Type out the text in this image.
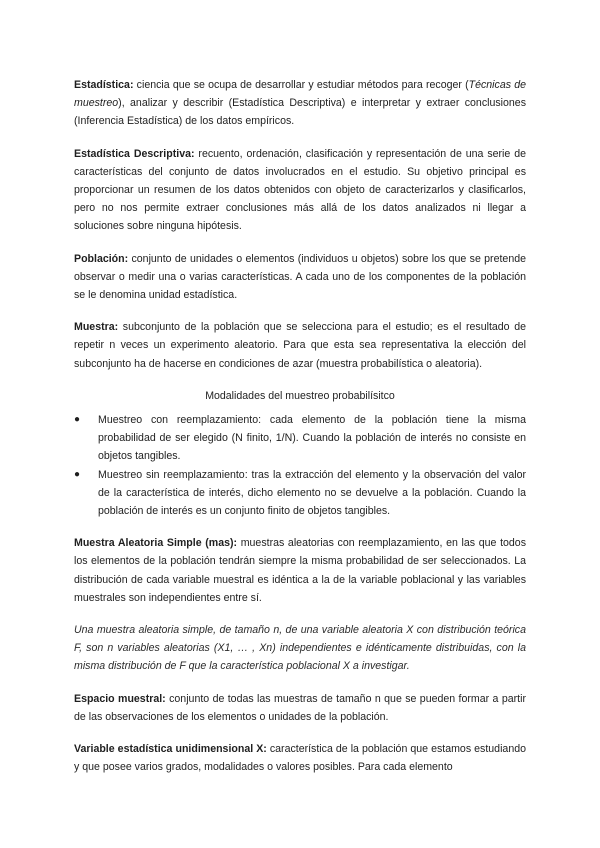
Estadística: ciencia que se ocupa de desarrollar y estudiar métodos para recoger (Técnicas de muestreo), analizar y describir (Estadística Descriptiva) e interpretar y extraer conclusiones (Inferencia Estadística) de los datos empíricos.

Estadística Descriptiva: recuento, ordenación, clasificación y representación de una serie de características del conjunto de datos involucrados en el estudio. Su objetivo principal es proporcionar un resumen de los datos obtenidos con objeto de caracterizarlos y clasificarlos, pero no nos permite extraer conclusiones más allá de los datos analizados ni llegar a soluciones sobre ninguna hipótesis.

Población: conjunto de unidades o elementos (individuos u objetos) sobre los que se pretende observar o medir una o varias características. A cada uno de los componentes de la población se le denomina unidad estadística.

Muestra: subconjunto de la población que se selecciona para el estudio; es el resultado de repetir n veces un experimento aleatorio. Para que esta sea representativa la elección del subconjunto ha de hacerse en condiciones de azar (muestra probabilística o aleatoria).

Modalidades del muestreo probabilísitco

● Muestreo con reemplazamiento: cada elemento de la población tiene la misma probabilidad de ser elegido (N finito, 1/N). Cuando la población de interés no consiste en objetos tangibles.
● Muestreo sin reemplazamiento: tras la extracción del elemento y la observación del valor de la característica de interés, dicho elemento no se devuelve a la población. Cuando la población de interés es un conjunto finito de objetos tangibles.

Muestra Aleatoria Simple (mas): muestras aleatorias con reemplazamiento, en las que todos los elementos de la población tendrán siempre la misma probabilidad de ser seleccionados. La distribución de cada variable muestral es idéntica a la de la variable poblacional y las variables muestrales son independientes entre sí.

Una muestra aleatoria simple, de tamaño n, de una variable aleatoria X con distribución teórica F, son n variables aleatorias (X1, … , Xn) independientes e idénticamente distribuidas, con la misma distribución de F que la característica poblacional X a investigar.

Espacio muestral: conjunto de todas las muestras de tamaño n que se pueden formar a partir de las observaciones de los elementos o unidades de la población.

Variable estadística unidimensional X: característica de la población que estamos estudiando y que posee varios grados, modalidades o valores posibles. Para cada elemento
